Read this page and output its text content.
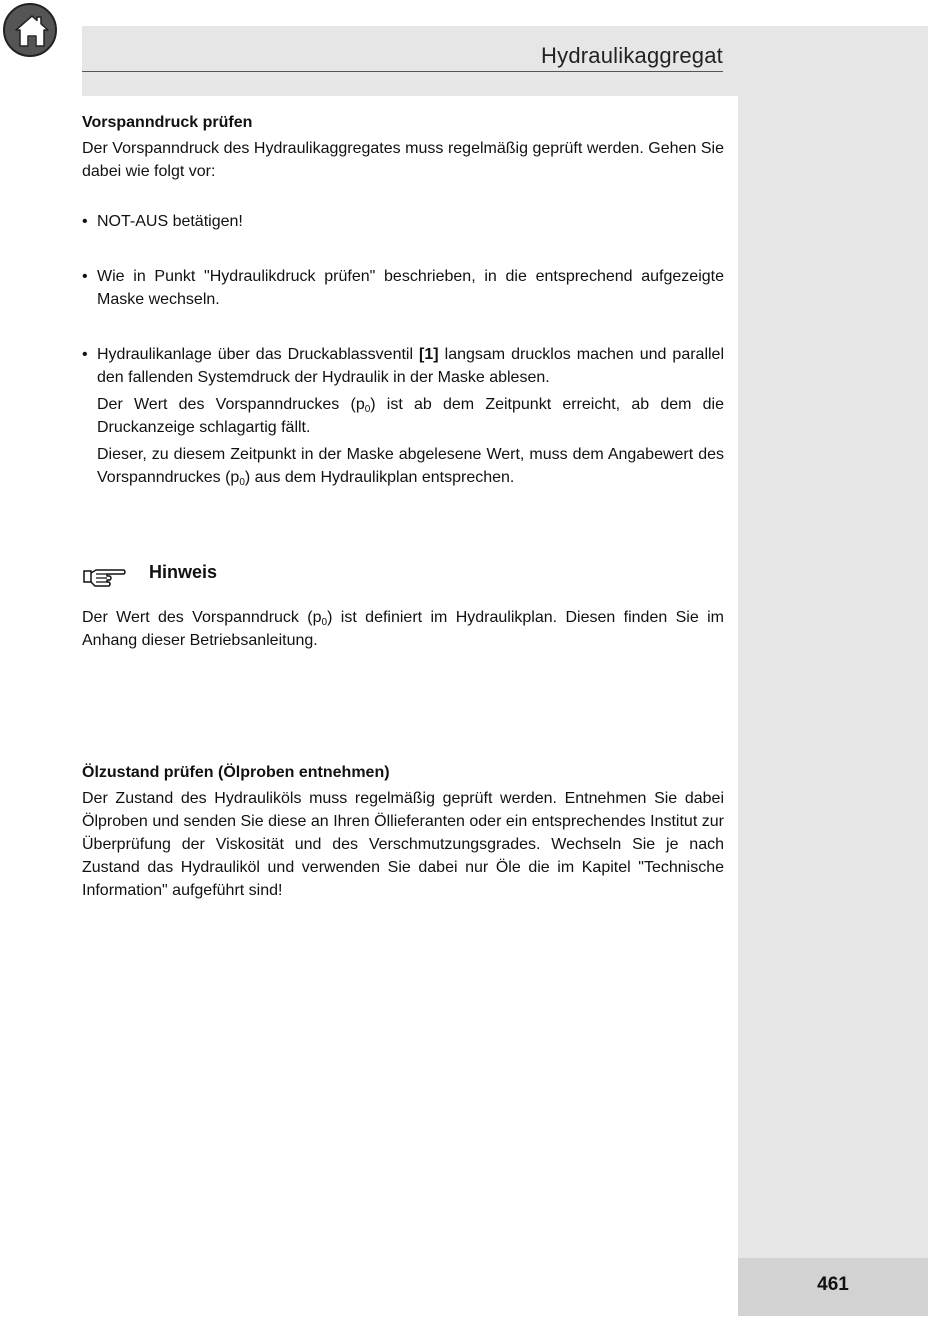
Hydraulikaggregat
Vorspanndruck prüfen

Der Vorspanndruck des Hydraulikaggregates muss regelmäßig geprüft werden. Gehen Sie dabei wie folgt vor:

• NOT-AUS betätigen!

• Wie in Punkt "Hydraulikdruck prüfen" beschrieben, in die entsprechend aufgezeigte Maske wechseln.

• Hydraulikanlage über das Druckablassventil [1] langsam drucklos machen und parallel den fallenden Systemdruck der Hydraulik in der Maske ablesen.

Der Wert des Vorspanndruckes $(p_0)$ ist ab dem Zeitpunkt erreicht, ab dem die Druckanzeige schlagartig fällt.

Dieser, zu diesem Zeitpunkt in der Maske abgelesene Wert, muss dem Angabewert des Vorspanndruckes $(p_0)$ aus dem Hydraulikplan entsprechen.

Hinweis

Der Wert des Vorspanndruck $(p_0)$ ist definiert im Hydraulikplan. Diesen finden Sie im Anhang dieser Betriebsanleitung.

Ölzustand prüfen (Ölproben entnehmen)

Der Zustand des Hydrauliköls muss regelmäßig geprüft werden. Entnehmen Sie dabei Ölproben und senden Sie diese an Ihren Öllieferanten oder ein entsprechendes Institut zur Überprüfung der Viskosität und des Verschmutzungsgrades. Wechseln Sie je nach Zustand das Hydrauliköl und verwenden Sie dabei nur Öle die im Kapitel "Technische Information" aufgeführt sind!

461
